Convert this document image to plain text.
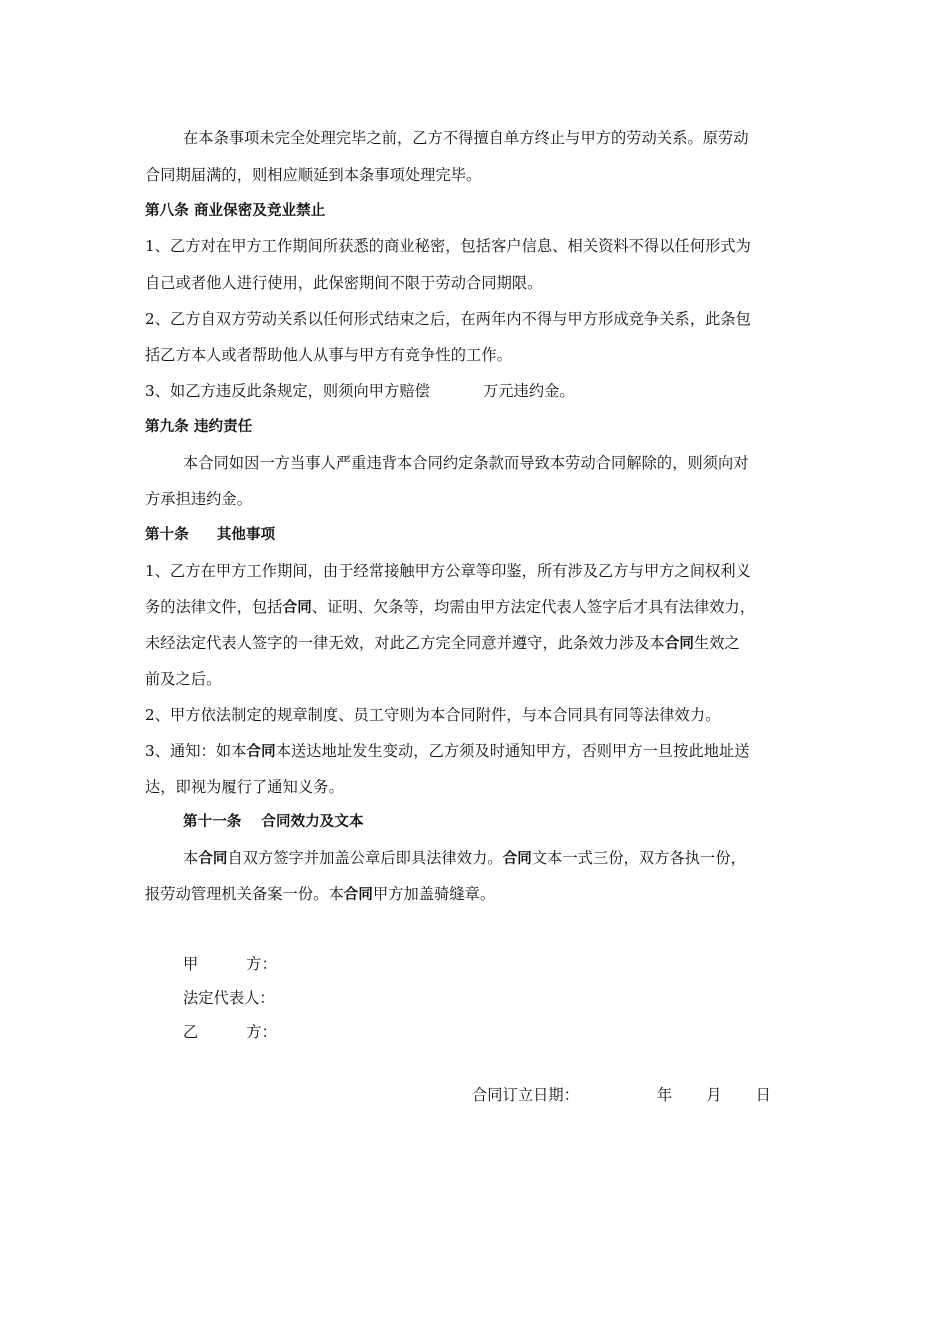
在本条事项未完全处理完毕之前，乙方不得擅自单方终止与甲方的劳动关系。原劳动
合同期届满的，则相应顺延到本条事项处理完毕。
第八条 商业保密及竞业禁止
1、乙方对在甲方工作期间所获悉的商业秘密，包括客户信息、相关资料不得以任何形式为
自己或者他人进行使用，此保密期间不限于劳动合同期限。
2、乙方自双方劳动关系以任何形式结束之后，在两年内不得与甲方形成竞争关系，此条包
括乙方本人或者帮助他人从事与甲方有竞争性的工作。
3、如乙方违反此条规定，则须向甲方赔偿	万元违约金。
第九条 违约责任
本合同如因一方当事人严重违背本合同约定条款而导致本劳动合同解除的，则须向对
方承担违约金。
第十条 其他事项
1、乙方在甲方工作期间，由于经常接触甲方公章等印鉴，所有涉及乙方与甲方之间权利义
务的法律文件，包括合同、证明、欠条等，均需由甲方法定代表人签字后才具有法律效力，
未经法定代表人签字的一律无效，对此乙方完全同意并遵守，此条效力涉及本合同生效之
前及之后。
2、甲方依法制定的规章制度、员工守则为本合同附件，与本合同具有同等法律效力。
3、通知：如本合同本送达地址发生变动，乙方须及时通知甲方，否则甲方一旦按此地址送
达，即视为履行了通知义务。
第十一条 合同效力及文本
本合同自双方签字并加盖公章后即具法律效力。合同文本一式三份，双方各执一份，
报劳动管理机关备案一份。本合同甲方加盖骑缝章。
甲	方：
法定代表人：
乙	方：
合同订立日期：	年 月 日
